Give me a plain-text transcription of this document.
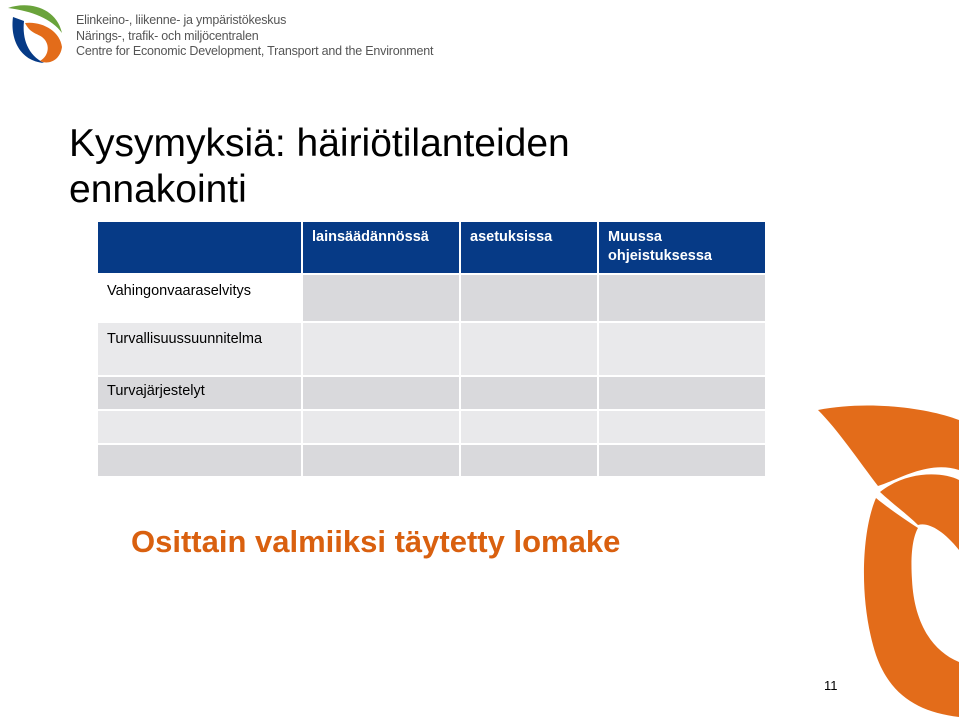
Elinkeino-, liikenne- ja ympäristökeskus
Närings-, trafik- och miljöcentralen
Centre for Economic Development, Transport and the Environment
Kysymyksiä: häiriötilanteiden
ennakointi

	lainsäädännössä	asetuksissa	Muussa ohjeistuksessa

Vahingonvaaraselvitys			

Turvallisuussuunnitelma			

Turvajärjestelyt			

Osittain valmiiksi täytetty lomake
11
